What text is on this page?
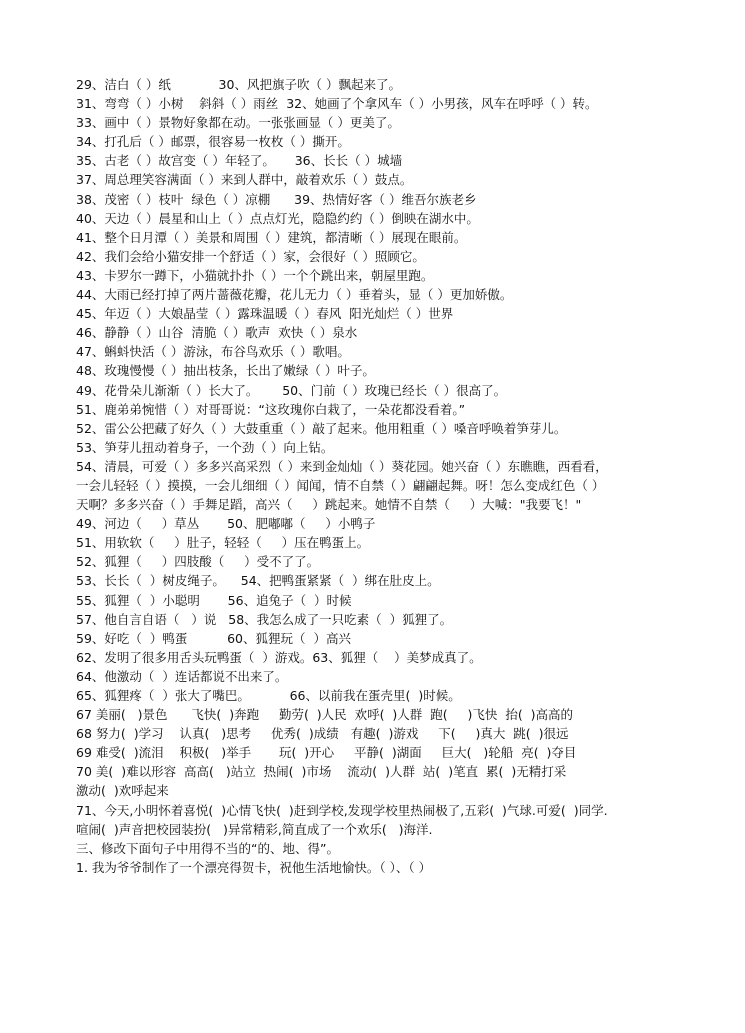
29、洁白（ ）纸            30、风把旗子吹（ ）飘起来了。
31、弯弯（ ）小树    斜斜（ ）雨丝  32、她画了个拿风车（ ）小男孩，风车在呼呼（ ）转。
33、画中（ ）景物好象都在动。一张张画显（ ）更美了。
34、打孔后（ ）邮票，很容易一枚枚（ ）撕开。
35、古老（ ）故宫变（ ）年轻了。     36、长长（ ）城墙
37、周总理笑容满面（ ）来到人群中，敲着欢乐（ ）鼓点。
38、茂密（ ）枝叶  绿色（ ）凉棚      39、热情好客（ ）维吾尔族老乡
40、天边（ ）晨星和山上（ ）点点灯光，隐隐约约（ ）倒映在湖水中。
41、整个日月潭（ ）美景和周围（ ）建筑，都清晰（ ）展现在眼前。
42、我们会给小猫安排一个舒适（ ）家，会很好（ ）照顾它。
43、卡罗尔一蹲下，小猫就扑扑（ ）一个个跳出来，朝屋里跑。
44、大雨已经打掉了两片蔷薇花瓣，花儿无力（ ）垂着头，显（ ）更加娇傲。
45、年迈（ ）大娘晶莹（ ）露珠温暖（ ）春风  阳光灿烂（ ）世界
46、静静（ ）山谷  清脆（ ）歌声  欢快（ ）泉水
47、蝌蚪快活（ ）游泳，布谷鸟欢乐（ ）歌唱。
48、玫瑰慢慢（ ）抽出枝条，长出了嫩绿（ ）叶子。
49、花骨朵儿渐渐（ ）长大了。      50、门前（ ）玫瑰已经长（ ）很高了。
51、鹿弟弟惋惜（ ）对哥哥说：“这玫瑰你白栽了，一朵花都没看着。”
52、雷公公把藏了好久（ ）大鼓重重（ ）敲了起来。他用粗重（ ）嗓音呼唤着笋芽儿。
53、笋芽儿扭动着身子，一个劲（ ）向上钻。
54、清晨，可爱（ ）多多兴高采烈（ ）来到金灿灿（ ）葵花园。她兴奋（ ）东瞧瞧，西看看，
一会儿轻轻（ ）摸摸，一会儿细细（ ）闻闻，情不自禁（ ）翩翩起舞。呀！怎么变成红色（ ）
天啊？多多兴奋（ ）手舞足蹈，高兴（     ）跳起来。她情不自禁（     ）大喊："我要飞！"
49、河边（     ）草丛       50、肥嘟嘟（     ）小鸭子
51、用软软（     ）肚子，轻轻（     ）压在鸭蛋上。
52、狐狸（     ）四肢酸（     ）受不了了。
53、长长（  ）树皮绳子。    54、把鸭蛋紧紧（  ）绑在肚皮上。
55、狐狸（  ）小聪明       56、追兔子（  ）时候
57、他自言自语（   ）说   58、我怎么成了一只吃素（  ）狐狸了。
59、好吃（  ）鸭蛋          60、狐狸玩（  ）高兴
62、发明了很多用舌头玩鸭蛋（  ）游戏。63、狐狸（    ）美梦成真了。
64、他激动（  ）连话都说不出来了。
65、狐狸疼（  ）张大了嘴巴。          66、以前我在蛋壳里(  )时候。
67 美丽(   )景色      飞快(  )奔跑     勤劳(  )人民  欢呼(  )人群  跑(     )飞快  抬(  )高高的
68 努力(  )学习    认真(   )思考     优秀(  )成绩   有趣(  )游戏     下(     )真大  跳(  )很远
69 难受(  )流泪    积极(   )举手       玩(  )开心     平静(  )湖面     巨大(   )轮船  亮(  )夺目
70 美(  )难以形容  高高(   )站立  热闹(  )市场    流动(  )人群  站(  )笔直  累(  )无精打采
激动(  )欢呼起来
71、今天,小明怀着喜悦(  )心情飞快(  )赶到学校,发现学校里热闹极了,五彩(  )气球.可爱(  )同学.
喧闹(  )声音把校园装扮(   )异常精彩,简直成了一个欢乐(   )海洋.
三、修改下面句子中用得不当的“的、地、得”。
1. 我为爷爷制作了一个漂亮得贺卡，祝他生活地愉快。（ ）、（ ）
